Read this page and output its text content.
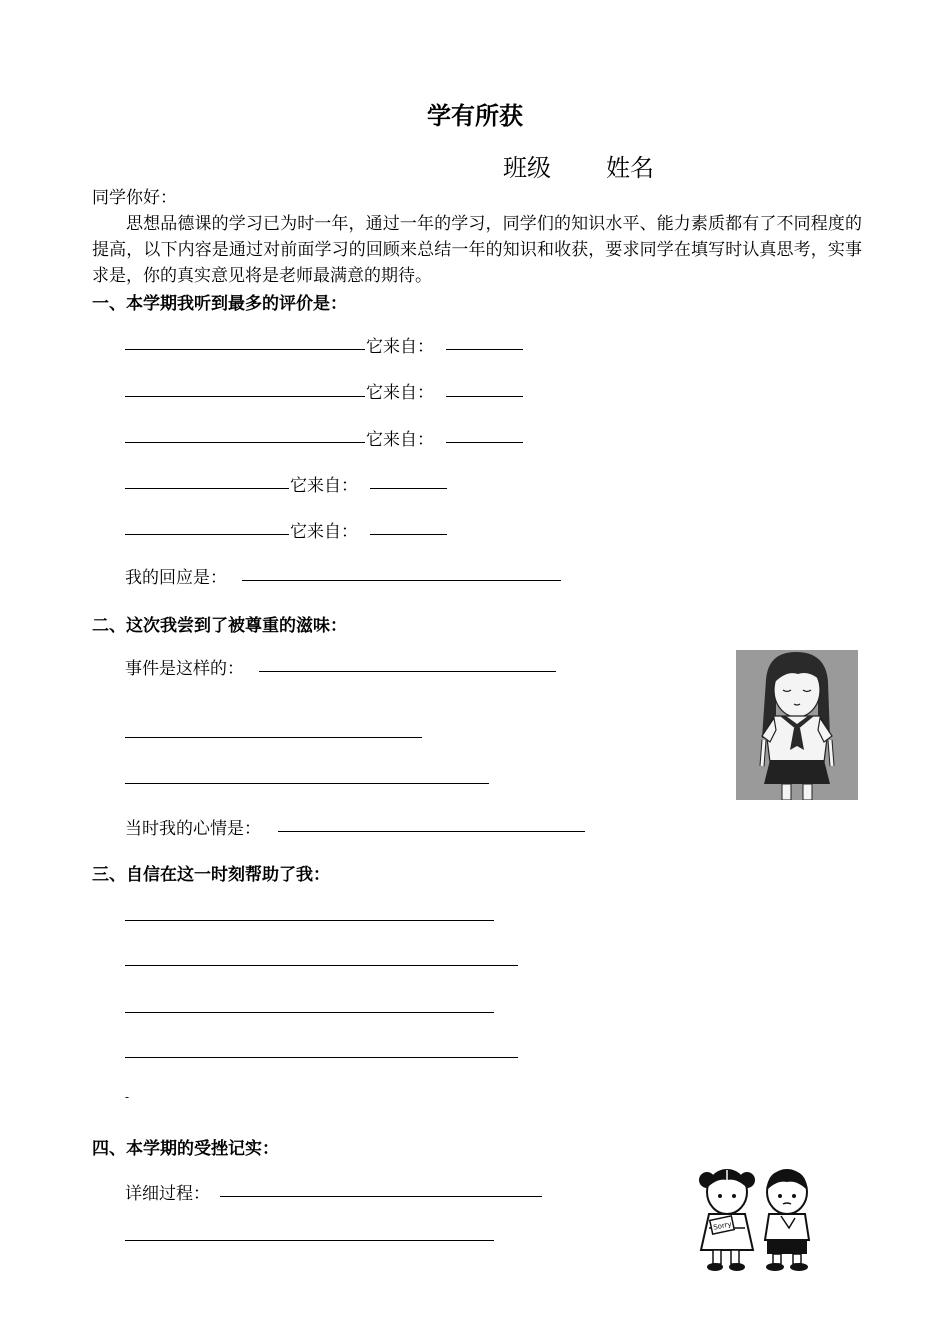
学有所获
班级 姓名
同学你好：
思想品德课的学习已为时一年，通过一年的学习，同学们的知识水平、能力素质都有了不同程度的提高，以下内容是通过对前面学习的回顾来总结一年的知识和收获，要求同学在填写时认真思考，实事求是，你的真实意见将是老师最满意的期待。
一、本学期我听到最多的评价是：
它来自：
它来自：
它来自：
它来自：
它来自：
我的回应是：
二、这次我尝到了被尊重的滋味：
事件是这样的：
当时我的心情是：
三、自信在这一时刻帮助了我：
-
四、本学期的受挫记实：
详细过程：
Sorry
